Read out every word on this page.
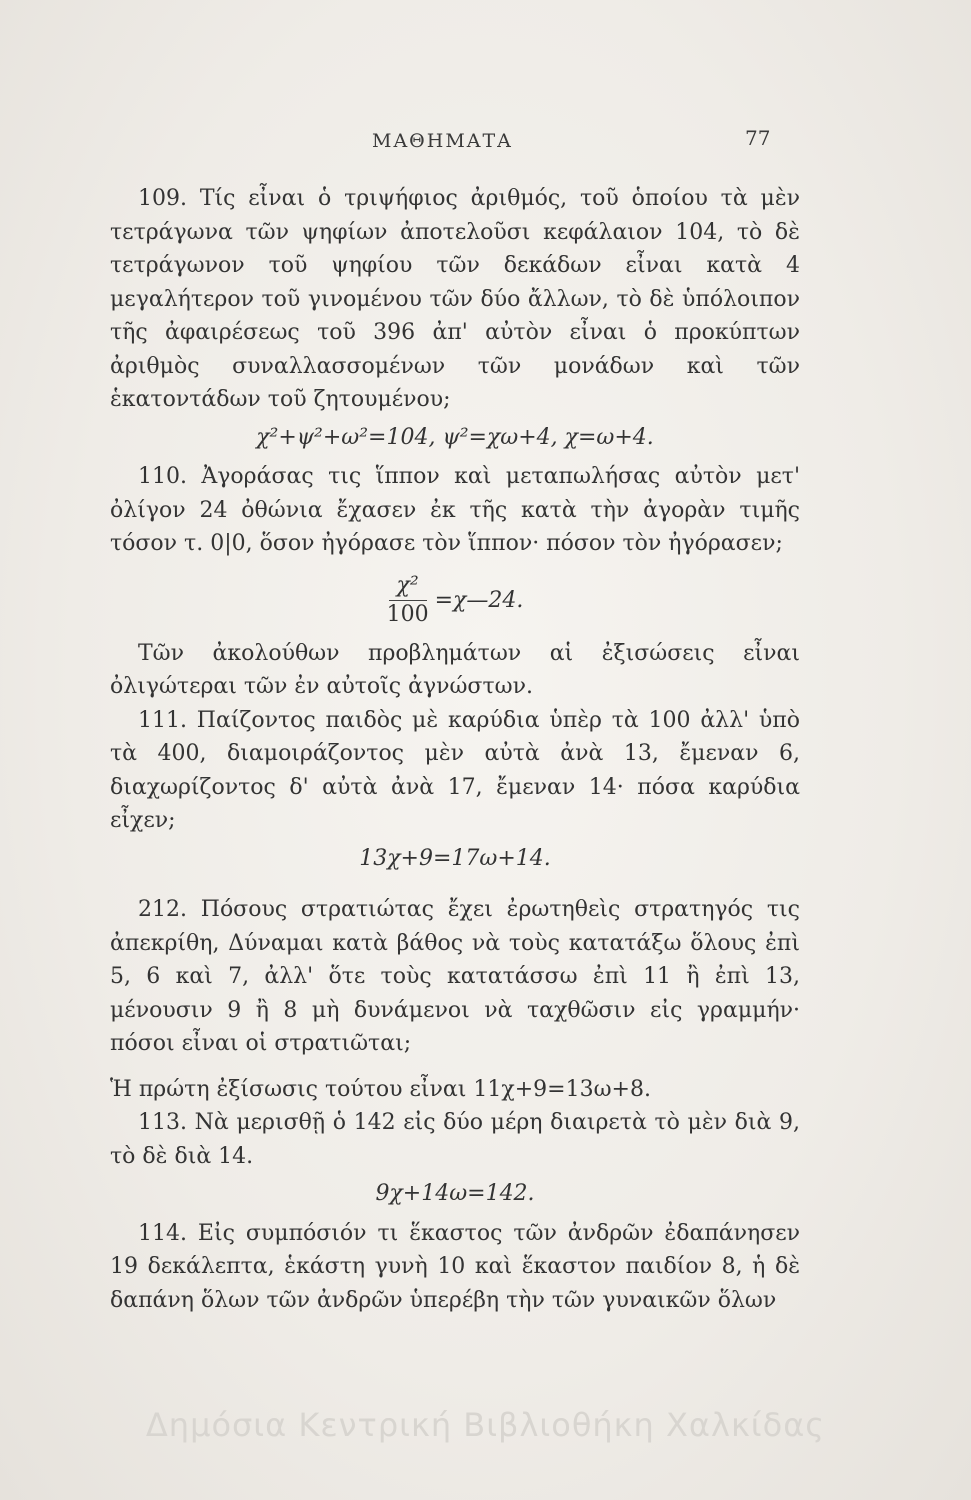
ΜΑΘΗΜΑΤΑ	77

109. Τίς εἶναι ὁ τριψήφιος ἀριθμός, τοῦ ὁποίου τὰ μὲν τετράγωνα τῶν ψηφίων ἀποτελοῦσι κεφάλαιον 104, τὸ δὲ τετράγωνον τοῦ ψηφίου τῶν δεκάδων εἶναι κατὰ 4 μεγαλήτερον τοῦ γινομένου τῶν δύο ἄλλων, τὸ δὲ ὑπόλοιπον τῆς ἀφαιρέσεως τοῦ 396 ἀπ' αὐτὸν εἶναι ὁ προκύπτων ἀριθμὸς συναλλασσομένων τῶν μονάδων καὶ τῶν ἑκατοντάδων τοῦ ζητουμένου;

χ²+ψ²+ω²=104, ψ²=χω+4, χ=ω+4.

110. Ἀγοράσας τις ἵππον καὶ μεταπωλήσας αὐτὸν μετ' ὀλίγον 24 ὀθώνια ἔχασεν ἐκ τῆς κατὰ τὴν ἀγορὰν τιμῆς τόσον τ. 0|0, ὅσον ἠγόρασε τὸν ἵππον· πόσον τὸν ἠγόρασεν;

$\frac{\text{χ²}}{100}$ =χ—24.

Τῶν ἀκολούθων προβλημάτων αἱ ἐξισώσεις εἶναι ὀλιγώτεραι τῶν ἐν αὐτοῖς ἀγνώστων.

111. Παίζοντος παιδὸς μὲ καρύδια ὑπὲρ τὰ 100 ἀλλ' ὑπὸ τὰ 400, διαμοιράζοντος μὲν αὐτὰ ἀνὰ 13, ἔμεναν 6, διαχωρίζοντος δ' αὐτὰ ἀνὰ 17, ἔμεναν 14· πόσα καρύδια εἶχεν;

13χ+9=17ω+14.

212. Πόσους στρατιώτας ἔχει ἐρωτηθεὶς στρατηγός τις ἀπεκρίθη, Δύναμαι κατὰ βάθος νὰ τοὺς κατατάξω ὅλους ἐπὶ 5, 6 καὶ 7, ἀλλ' ὅτε τοὺς κατατάσσω ἐπὶ 11 ἢ ἐπὶ 13, μένουσιν 9 ἢ 8 μὴ δυνάμενοι νὰ ταχθῶσιν εἰς γραμμήν· πόσοι εἶναι οἱ στρατιῶται;

Ἡ πρώτη ἐξίσωσις τούτου εἶναι 11χ+9=13ω+8.

113. Νὰ μερισθῇ ὁ 142 εἰς δύο μέρη διαιρετὰ τὸ μὲν διὰ 9, τὸ δὲ διὰ 14.

9χ+14ω=142.

114. Εἰς συμπόσιόν τι ἕκαστος τῶν ἀνδρῶν ἐδαπάνησεν 19 δεκάλεπτα, ἑκάστη γυνὴ 10 καὶ ἕκαστον παιδίον 8, ἡ δὲ δαπάνη ὅλων τῶν ἀνδρῶν ὑπερέβη τὴν τῶν γυναικῶν ὅλων

Δημόσια Κεντρική Βιβλιοθήκη Χαλκίδας
